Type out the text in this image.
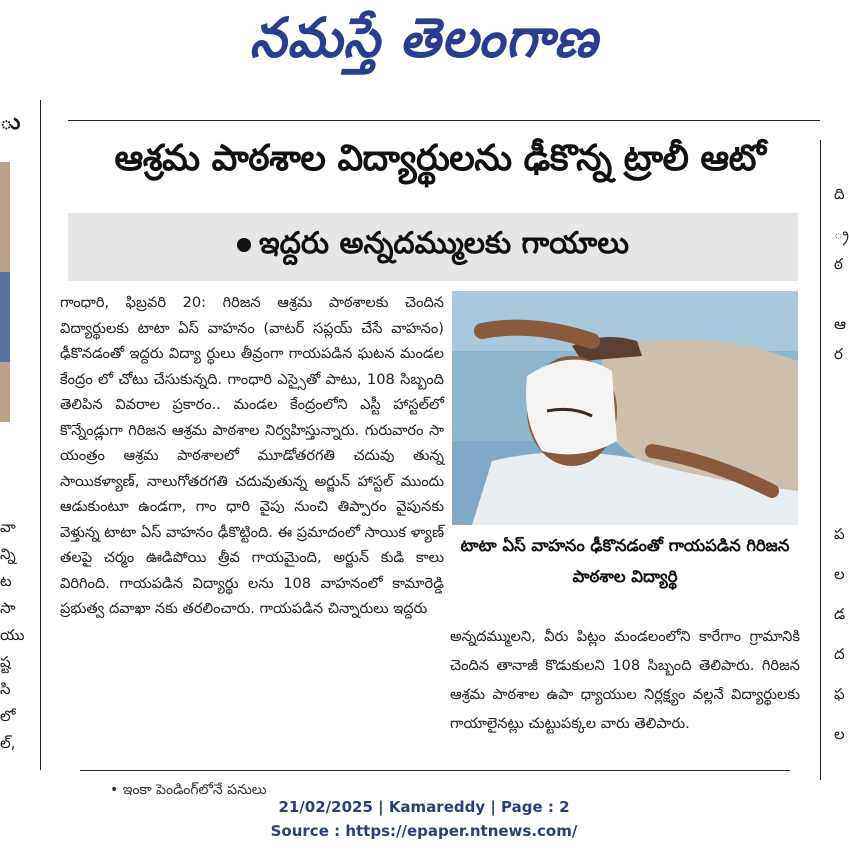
నమస్తే తెలంగాణ
ు
వా
న్ని
ట
సా
యు
ష్ట
సి
లో
ల్,
ఆశ్రమ పాఠశాల విద్యార్థులను ఢీకొన్న ట్రాలీ ఆటో
ఇద్దరు అన్నదమ్ములకు గాయాలు

గాంధారి, ఫిబ్రవరి 20: గిరిజన ఆశ్రమ పాఠశాలకు చెందిన విద్యార్థులకు టాటా ఏస్‌ వాహనం (వాటర్‌ సప్లయ్‌ చేసే వాహనం) ఢీకొనడంతో ఇద్దరు విద్యా ర్థులు తీవ్రంగా గాయపడిన ఘటన మండల కేంద్రం లో చోటు చేసుకున్నది. గాంధారి ఎస్సైతో పాటు, 108 సిబ్బంది తెలిపిన వివరాల ప్రకారం.. మండల కేంద్రంలోని ఎస్టీ హాస్టల్‌లో కొన్నేండ్లుగా గిరిజన ఆశ్రమ పాఠశాల నిర్వహిస్తున్నారు. గురువారం సా యంత్రం ఆశ్రమ పాఠశాలలో మూడోతరగతి చదువు తున్న సాయికళ్యాణ్‌, నాలుగోతరగతి చదువుతున్న అర్జున్‌ హాస్టల్‌ ముందు ఆడుకుంటూ ఉండగా, గాం ధారి వైపు నుంచి తిప్పారం వైపునకు వెళ్తున్న టాటా ఏస్‌ వాహనం ఢీకొట్టింది. ఈ ప్రమాదంలో సాయిక ళ్యాణ్‌ తలపై చర్మం ఊడిపోయి త్రీవ గాయమైంది, అర్జున్‌ కుడి కాలు విరిగింది. గాయపడిన విద్యార్థు లను 108 వాహనంలో కామారెడ్డి ప్రభుత్వ దవాఖా నకు తరలించారు. గాయపడిన చిన్నారులు ఇద్దరు

టాటా ఏస్‌ వాహనం ఢీకొనడంతో గాయపడిన గిరిజన పాఠశాల విద్యార్థి

అన్నదమ్ములని, వీరు పిట్లం మండలంలోని కారేగాం గ్రామానికి చెందిన తానాజీ కొడుకులని 108 సిబ్బంది తెలిపారు. గిరిజన ఆశ్రమ పాఠశాల ఉపా ధ్యాయుల నిర్లక్ష్యం వల్లనే విద్యార్థులకు గాయాలైనట్లు చుట్టుపక్కల వారు తెలిపారు.

• ఇంకా పెండింగ్‌లోనే పనులు
ది
్ర
ఠ
ఆ
ర
ప
ల
డ
ద
ఫ
ల
21/02/2025 | Kamareddy | Page : 2
Source : https://epaper.ntnews.com/
